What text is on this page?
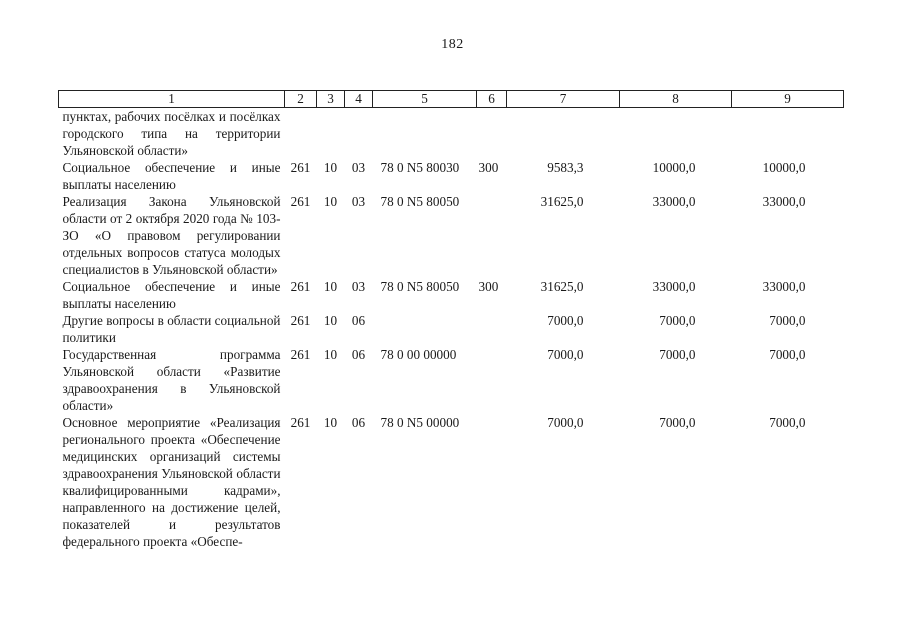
182
1	2	3	4	5	6	7	8	9
пунктах, рабочих посёлках и посёлках городского типа на территории Ульяновской области»								
Социальное обеспечение и иные выплаты населению	261	10	03	78 0 N5 80030	300	9583,3	10000,0	10000,0
Реализация Закона Ульяновской области от 2 октября 2020 года № 103-ЗО «О правовом регулировании отдельных вопросов статуса молодых специалистов в Ульяновской области»	261	10	03	78 0 N5 80050		31625,0	33000,0	33000,0
Социальное обеспечение и иные выплаты населению	261	10	03	78 0 N5 80050	300	31625,0	33000,0	33000,0
Другие вопросы в области социальной политики	261	10	06			7000,0	7000,0	7000,0
Государственная программа Ульяновской области «Развитие здравоохранения в Ульяновской области»	261	10	06	78 0 00 00000		7000,0	7000,0	7000,0
Основное мероприятие «Реализация регионального проекта «Обеспечение медицинских организаций системы здравоохранения Ульяновской области квалифицированными кадрами», направленного на достижение целей, показателей и результатов федерального проекта «Обеспе-	261	10	06	78 0 N5 00000		7000,0	7000,0	7000,0
